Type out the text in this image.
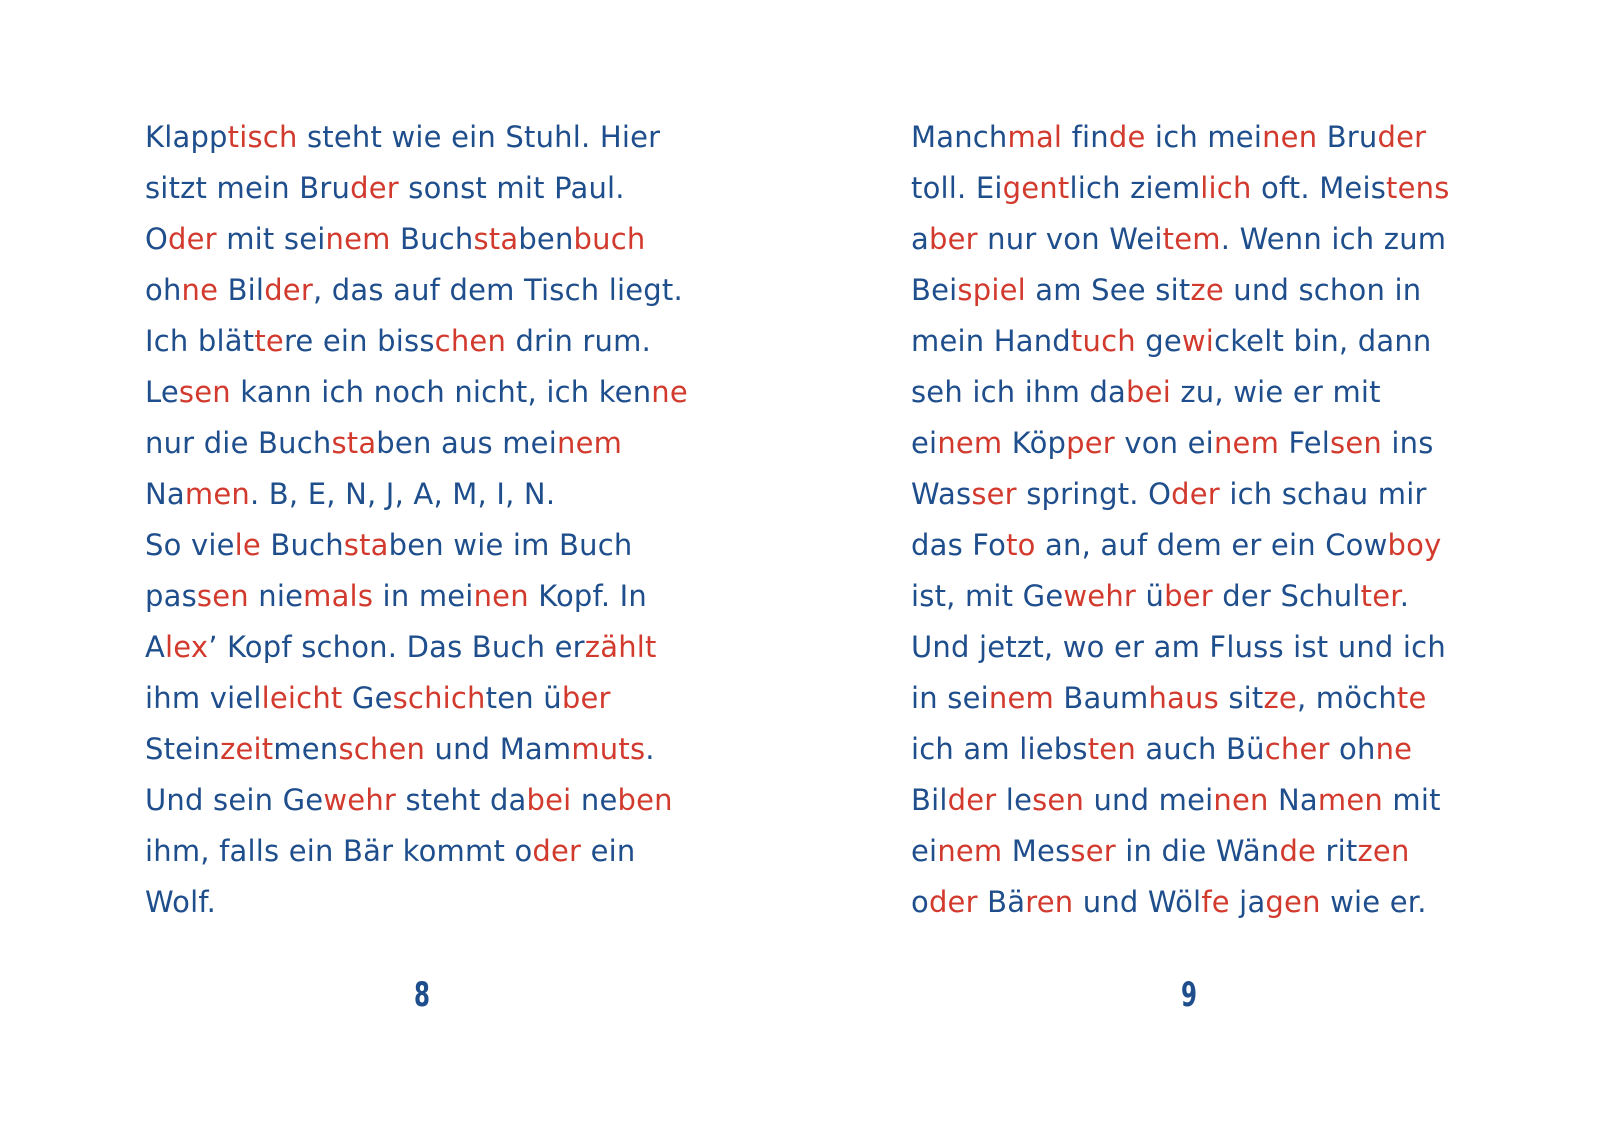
Klapptisch steht wie ein Stuhl. Hier
sitzt mein Bruder sonst mit Paul.
Oder mit seinem Buchstabenbuch
ohne Bilder, das auf dem Tisch liegt.
Ich blättere ein bisschen drin rum.
Lesen kann ich noch nicht, ich kenne
nur die Buchstaben aus meinem
Namen. B, E, N, J, A, M, I, N.
So viele Buchstaben wie im Buch
passen niemals in meinen Kopf. In
Alex’ Kopf schon. Das Buch erzählt
ihm vielleicht Geschichten über
Steinzeitmenschen und Mammuts.
Und sein Gewehr steht dabei neben
ihm, falls ein Bär kommt oder ein
Wolf.
8
Manchmal finde ich meinen Bruder
toll. Eigentlich ziemlich oft. Meistens
aber nur von Weitem. Wenn ich zum
Beispiel am See sitze und schon in
mein Handtuch gewickelt bin, dann
seh ich ihm dabei zu, wie er mit
einem Köpper von einem Felsen ins
Wasser springt. Oder ich schau mir
das Foto an, auf dem er ein Cowboy
ist, mit Gewehr über der Schulter.
Und jetzt, wo er am Fluss ist und ich
in seinem Baumhaus sitze, möchte
ich am liebsten auch Bücher ohne
Bilder lesen und meinen Namen mit
einem Messer in die Wände ritzen
oder Bären und Wölfe jagen wie er.
9
